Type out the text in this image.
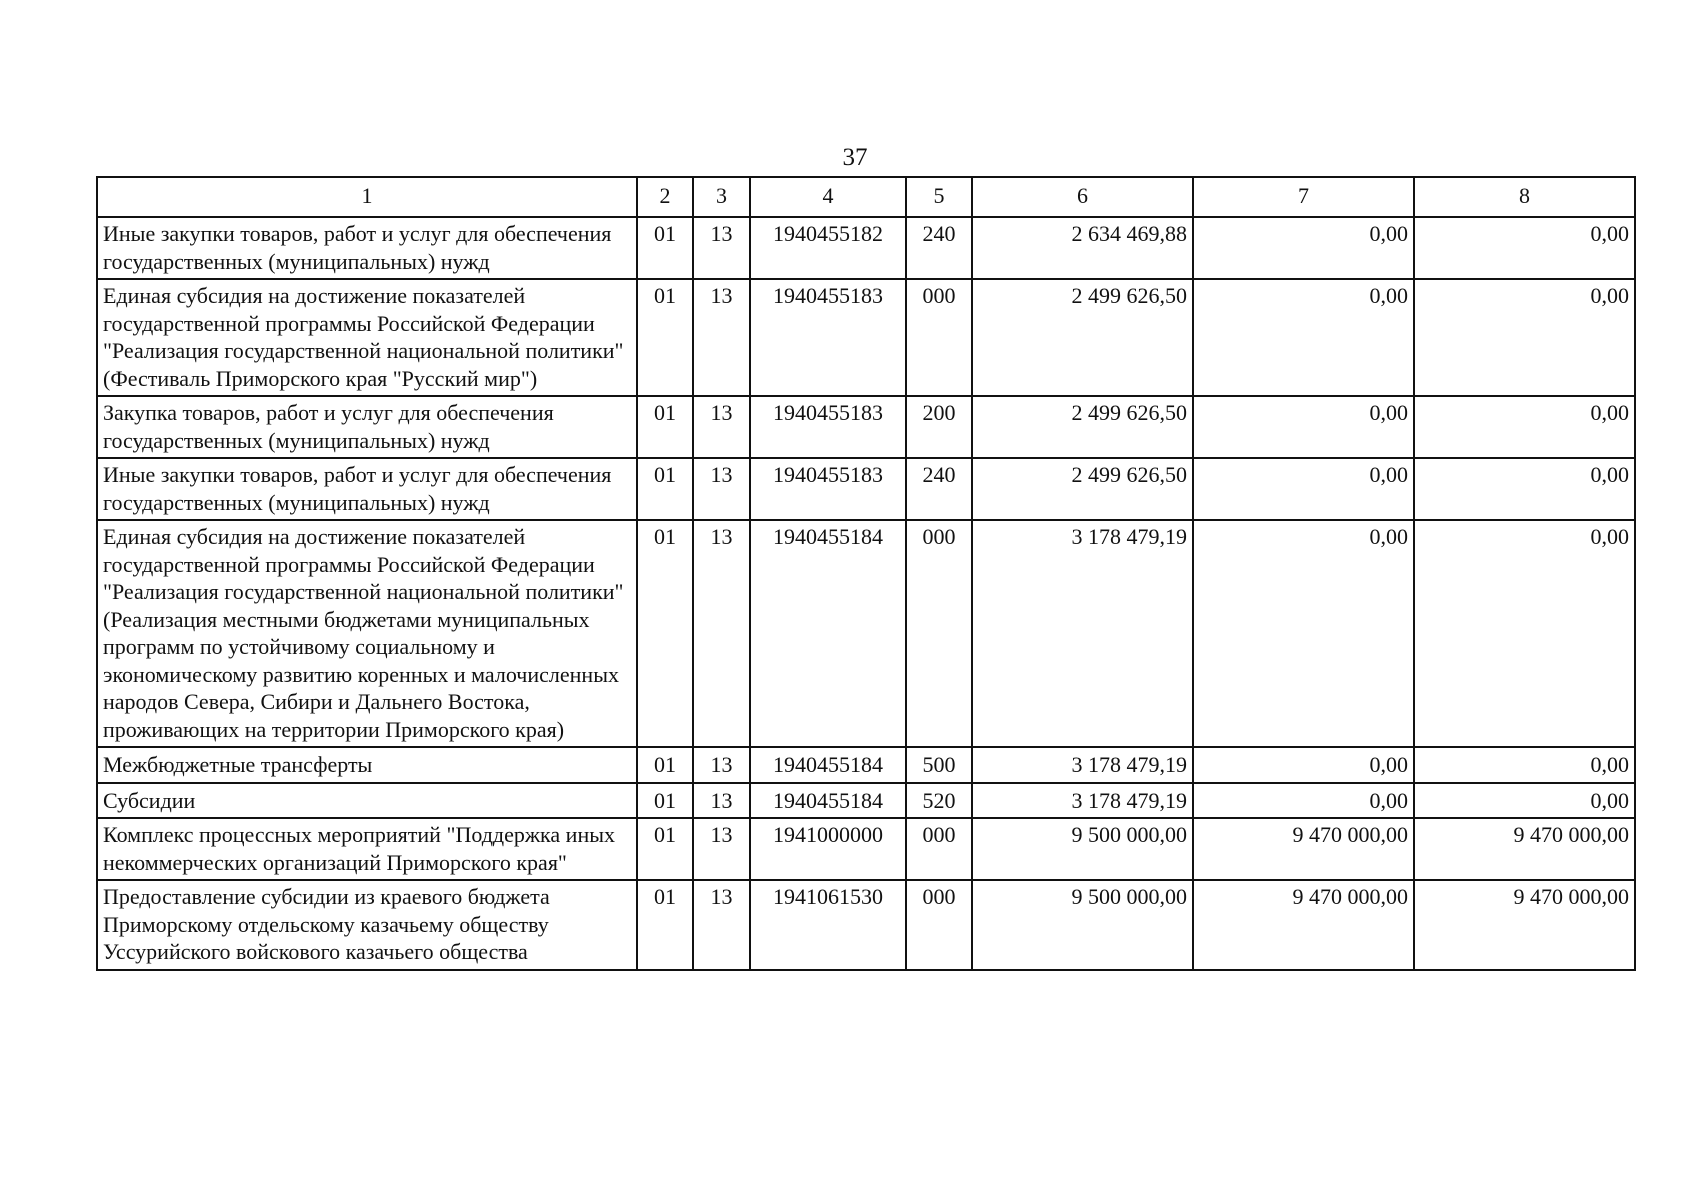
37
1	2	3	4	5	6	7	8
Иные закупки товаров, работ и услуг для обеспечения государственных (муниципальных) нужд	01	13	1940455182	240	2 634 469,88	0,00	0,00
Единая субсидия на достижение показателей государственной программы Российской Федерации "Реализация государственной национальной политики" (Фестиваль Приморского края "Русский мир")	01	13	1940455183	000	2 499 626,50	0,00	0,00
Закупка товаров, работ и услуг для обеспечения государственных (муниципальных) нужд	01	13	1940455183	200	2 499 626,50	0,00	0,00
Иные закупки товаров, работ и услуг для обеспечения государственных (муниципальных) нужд	01	13	1940455183	240	2 499 626,50	0,00	0,00
Единая субсидия на достижение показателей государственной программы Российской Федерации "Реализация государственной национальной политики" (Реализация местными бюджетами муниципальных программ по устойчивому социальному и экономическому развитию коренных и малочисленных народов Севера, Сибири и Дальнего Востока, проживающих на территории Приморского края)	01	13	1940455184	000	3 178 479,19	0,00	0,00
Межбюджетные трансферты	01	13	1940455184	500	3 178 479,19	0,00	0,00
Субсидии	01	13	1940455184	520	3 178 479,19	0,00	0,00
Комплекс процессных мероприятий "Поддержка иных некоммерческих организаций Приморского края"	01	13	1941000000	000	9 500 000,00	9 470 000,00	9 470 000,00
Предоставление субсидии из краевого бюджета Приморскому отдельскому казачьему обществу Уссурийского войскового казачьего общества	01	13	1941061530	000	9 500 000,00	9 470 000,00	9 470 000,00
